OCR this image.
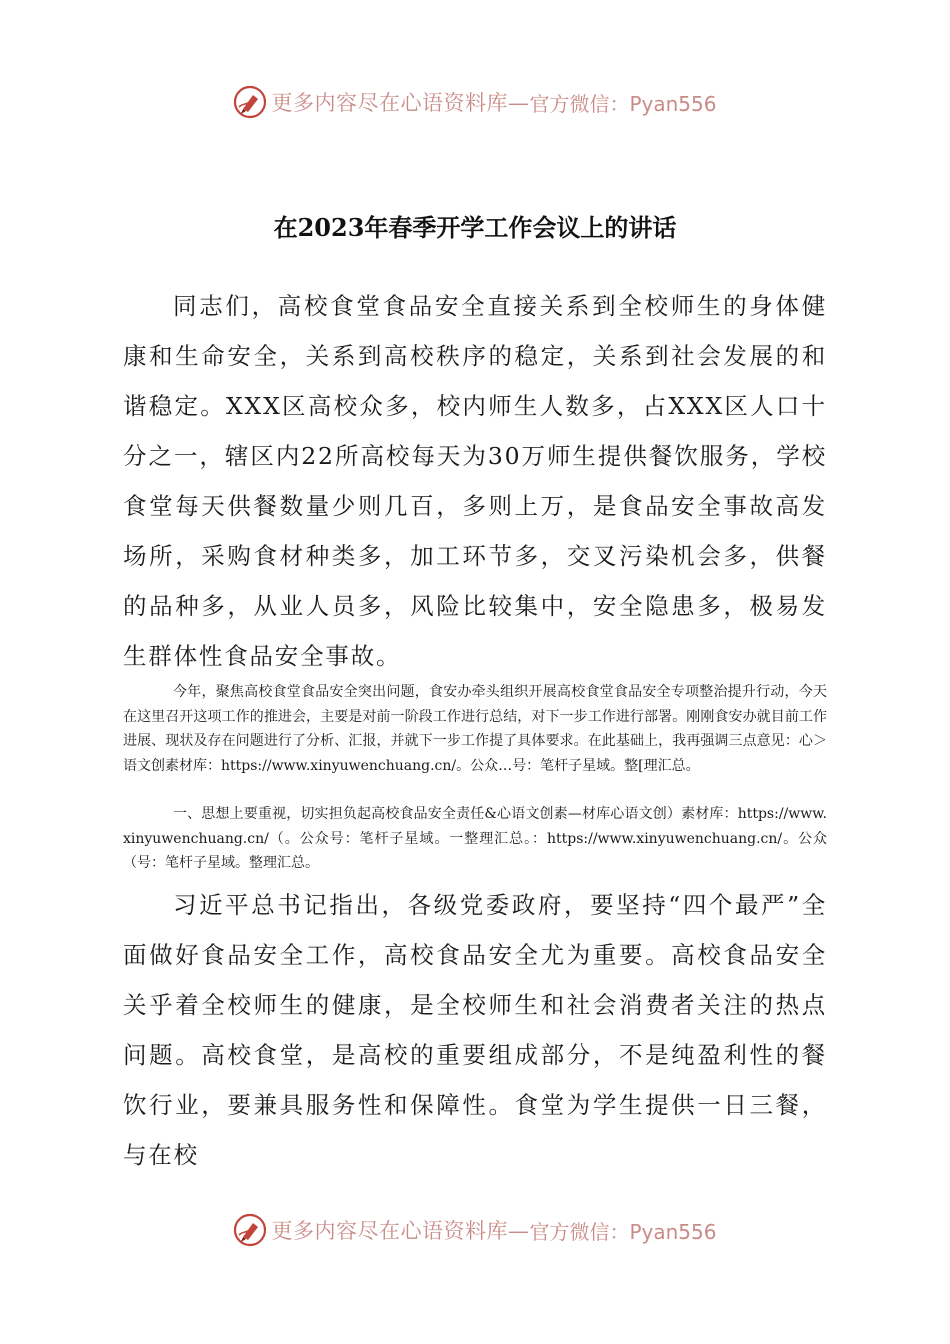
更多内容尽在心语资料库— 官方微信：Pyan556
在2023年春季开学工作会议上的讲话

同志们，高校食堂食品安全直接关系到全校师生的身体健康和生命安全，关系到高校秩序的稳定，关系到社会发展的和谐稳定。XXX区高校众多，校内师生人数多，占XXX区人口十分之一，辖区内22所高校每天为30万师生提供餐饮服务，学校食堂每天供餐数量少则几百，多则上万，是食品安全事故高发场所，采购食材种类多，加工环节多，交叉污染机会多，供餐的品种多，从业人员多，风险比较集中，安全隐患多，极易发生群体性食品安全事故。

今年，聚焦高校食堂食品安全突出问题，食安办牵头组织开展高校食堂食品安全专项整治提升行动，今天在这里召开这项工作的推进会，主要是对前一阶段工作进行总结，对下一步工作进行部署。刚刚食安办就目前工作进展、现状及存在问题进行了分析、汇报，并就下一步工作提了具体要求。在此基础上，我再强调三点意见：心＞语文创素材库：https://www.xinyuwenchuang.cn/。公众…号：笔杆子星域。整[理汇总。

一、思想上要重视，切实担负起高校食品安全责任&心语文创素—材库心语文创）素材库：https://www.xinyuwenchuang.cn/（。公众号：笔杆子星域。一整理汇总。：https://www.xinyuwenchuang.cn/。公众（号：笔杆子星域。整理汇总。

习近平总书记指出，各级党委政府，要坚持“四个最严”全面做好食品安全工作，高校食品安全尤为重要。高校食品安全关乎着全校师生的健康，是全校师生和社会消费者关注的热点问题。高校食堂，是高校的重要组成部分，不是纯盈利性的餐饮行业，要兼具服务性和保障性。食堂为学生提供一日三餐，与在校

更多内容尽在心语资料库— 官方微信：Pyan556
